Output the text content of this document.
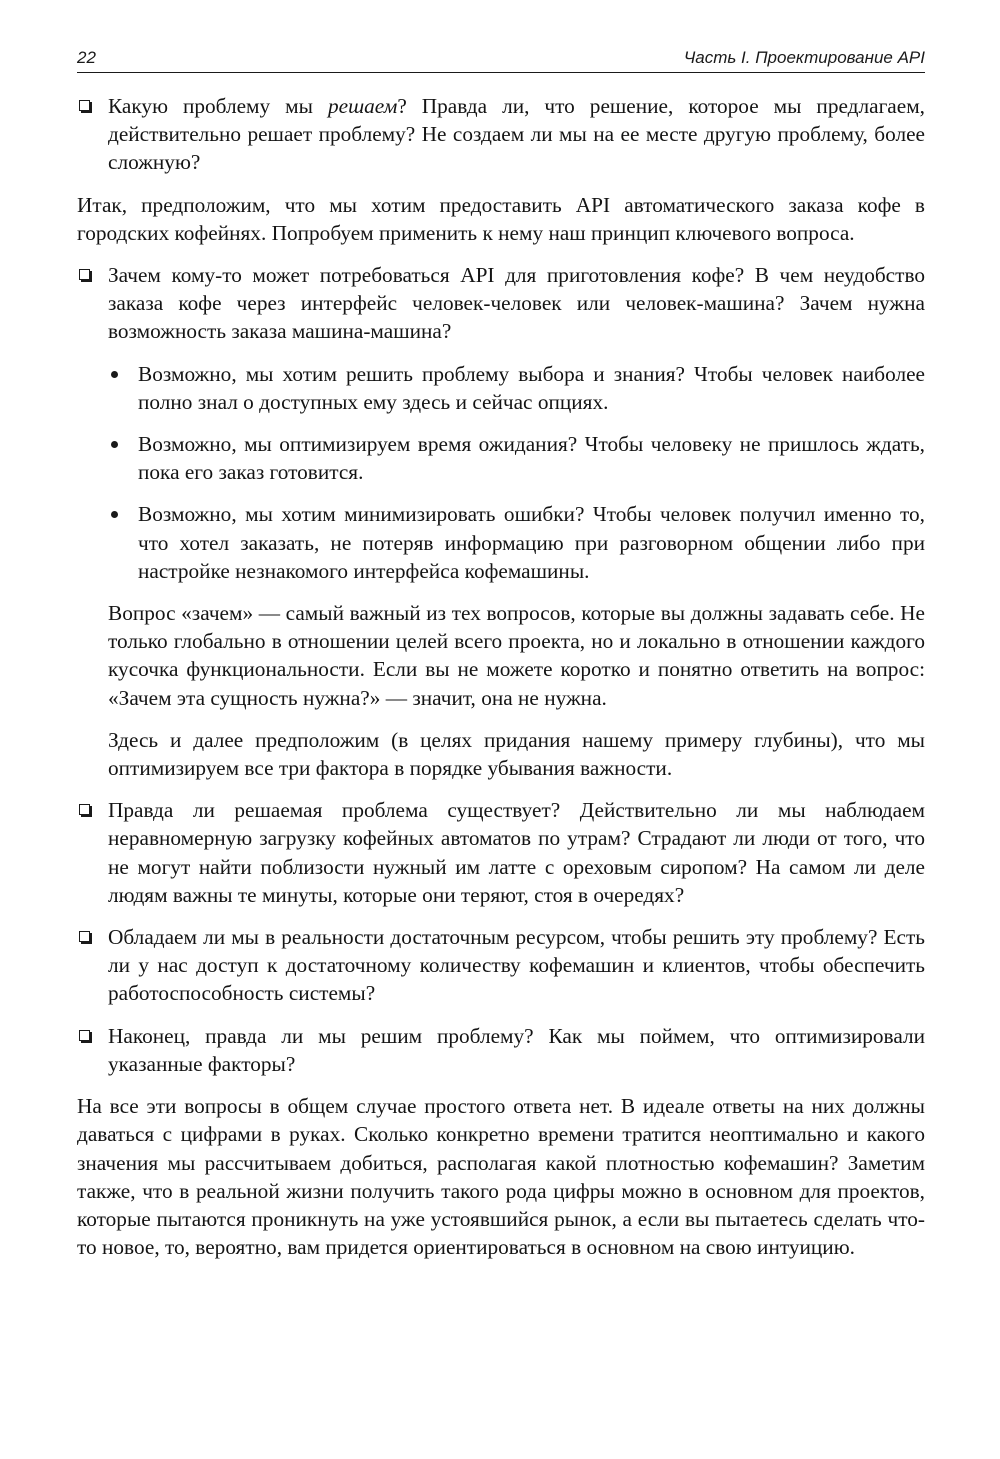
22	Часть I. Проектирование API
Какую проблему мы решаем? Правда ли, что решение, которое мы предлагаем, действительно решает проблему? Не создаем ли мы на ее месте другую проблему, более сложную?

Итак, предположим, что мы хотим предоставить API автоматического заказа кофе в городских кофейнях. Попробуем применить к нему наш принцип ключевого вопроса.

Зачем кому-то может потребоваться API для приготовления кофе? В чем неудобство заказа кофе через интерфейс человек-человек или человек-машина? Зачем нужна возможность заказа машина-машина?
Возможно, мы хотим решить проблему выбора и знания? Чтобы человек наиболее полно знал о доступных ему здесь и сейчас опциях.
Возможно, мы оптимизируем время ожидания? Чтобы человеку не пришлось ждать, пока его заказ готовится.
Возможно, мы хотим минимизировать ошибки? Чтобы человек получил именно то, что хотел заказать, не потеряв информацию при разговорном общении либо при настройке незнакомого интерфейса кофемашины.

Вопрос «зачем» — самый важный из тех вопросов, которые вы должны задавать себе. Не только глобально в отношении целей всего проекта, но и локально в отношении каждого кусочка функциональности. Если вы не можете коротко и понятно ответить на вопрос: «Зачем эта сущность нужна?» — значит, она не нужна.

Здесь и далее предположим (в целях придания нашему примеру глубины), что мы оптимизируем все три фактора в порядке убывания важности.

Правда ли решаемая проблема существует? Действительно ли мы наблюдаем неравномерную загрузку кофейных автоматов по утрам? Страдают ли люди от того, что не могут найти поблизости нужный им латте с ореховым сиропом? На самом ли деле людям важны те минуты, которые они теряют, стоя в очередях?
Обладаем ли мы в реальности достаточным ресурсом, чтобы решить эту проблему? Есть ли у нас доступ к достаточному количеству кофемашин и клиентов, чтобы обеспечить работоспособность системы?
Наконец, правда ли мы решим проблему? Как мы поймем, что оптимизировали указанные факторы?

На все эти вопросы в общем случае простого ответа нет. В идеале ответы на них должны даваться с цифрами в руках. Сколько конкретно времени тратится неоптимально и какого значения мы рассчитываем добиться, располагая какой плотностью кофемашин? Заметим также, что в реальной жизни получить такого рода цифры можно в основном для проектов, которые пытаются проникнуть на уже устоявшийся рынок, а если вы пытаетесь сделать что-то новое, то, вероятно, вам придется ориентироваться в основном на свою интуицию.
